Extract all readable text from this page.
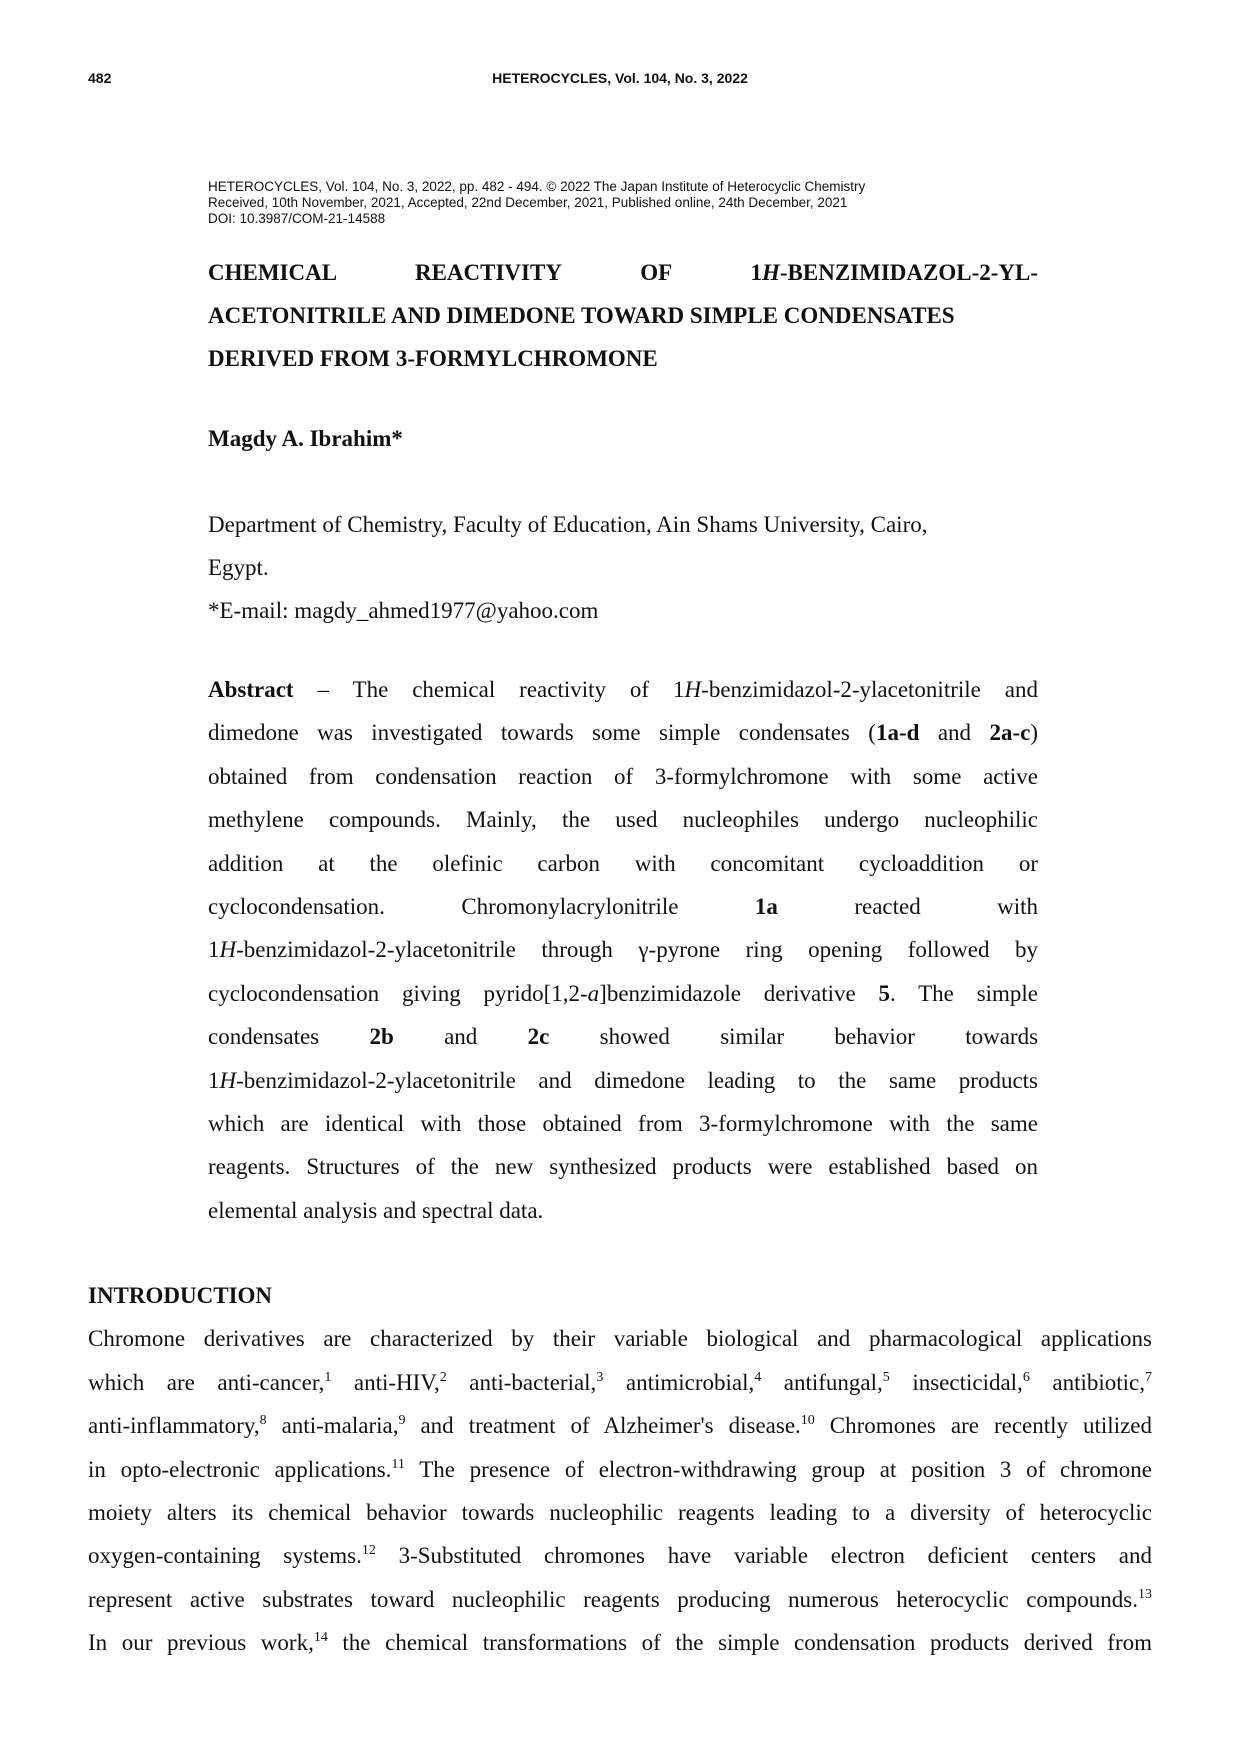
482	HETEROCYCLES, Vol. 104, No. 3, 2022
HETEROCYCLES, Vol. 104, No. 3, 2022, pp. 482 - 494. © 2022 The Japan Institute of Heterocyclic Chemistry
Received, 10th November, 2021, Accepted, 22nd December, 2021, Published online, 24th December, 2021
DOI: 10.3987/COM-21-14588
CHEMICAL	REACTIVITY	OF	1H-BENZIMIDAZOL-2-YL-
ACETONITRILE AND DIMEDONE TOWARD SIMPLE CONDENSATES
DERIVED FROM 3-FORMYLCHROMONE
Magdy A. Ibrahim*
Department of Chemistry, Faculty of Education, Ain Shams University, Cairo,
Egypt.
*E-mail: magdy_ahmed1977@yahoo.com
Abstract – The chemical reactivity of 1H-benzimidazol-2-ylacetonitrile and
dimedone was investigated towards some simple condensates (1a-d and 2a-c)
obtained from condensation reaction of 3-formylchromone with some active
methylene compounds. Mainly, the used nucleophiles undergo nucleophilic
addition at the olefinic carbon with concomitant cycloaddition or
cyclocondensation.	Chromonylacrylonitrile	1a	reacted	with
1H-benzimidazol-2-ylacetonitrile through γ-pyrone ring opening followed by
cyclocondensation giving pyrido[1,2-a]benzimidazole derivative 5. The simple
condensates 2b and 2c showed similar behavior towards
1H-benzimidazol-2-ylacetonitrile and dimedone leading to the same products
which are identical with those obtained from 3-formylchromone with the same
reagents. Structures of the new synthesized products were established based on
elemental analysis and spectral data.
INTRODUCTION
Chromone derivatives are characterized by their variable biological and pharmacological applications
which are anti-cancer,$^1$ anti-HIV,$^2$ anti-bacterial,$^3$ antimicrobial,$^4$ antifungal,$^5$ insecticidal,$^6$ antibiotic,$^7$
anti-inflammatory,$^8$ anti-malaria,$^9$ and treatment of Alzheimer's disease.$^{10}$ Chromones are recently utilized
in opto-electronic applications.$^{11}$ The presence of electron-withdrawing group at position 3 of chromone
moiety alters its chemical behavior towards nucleophilic reagents leading to a diversity of heterocyclic
oxygen-containing systems.$^{12}$ 3-Substituted chromones have variable electron deficient centers and
represent active substrates toward nucleophilic reagents producing numerous heterocyclic compounds.$^{13}$
In our previous work,$^{14}$ the chemical transformations of the simple condensation products derived from
